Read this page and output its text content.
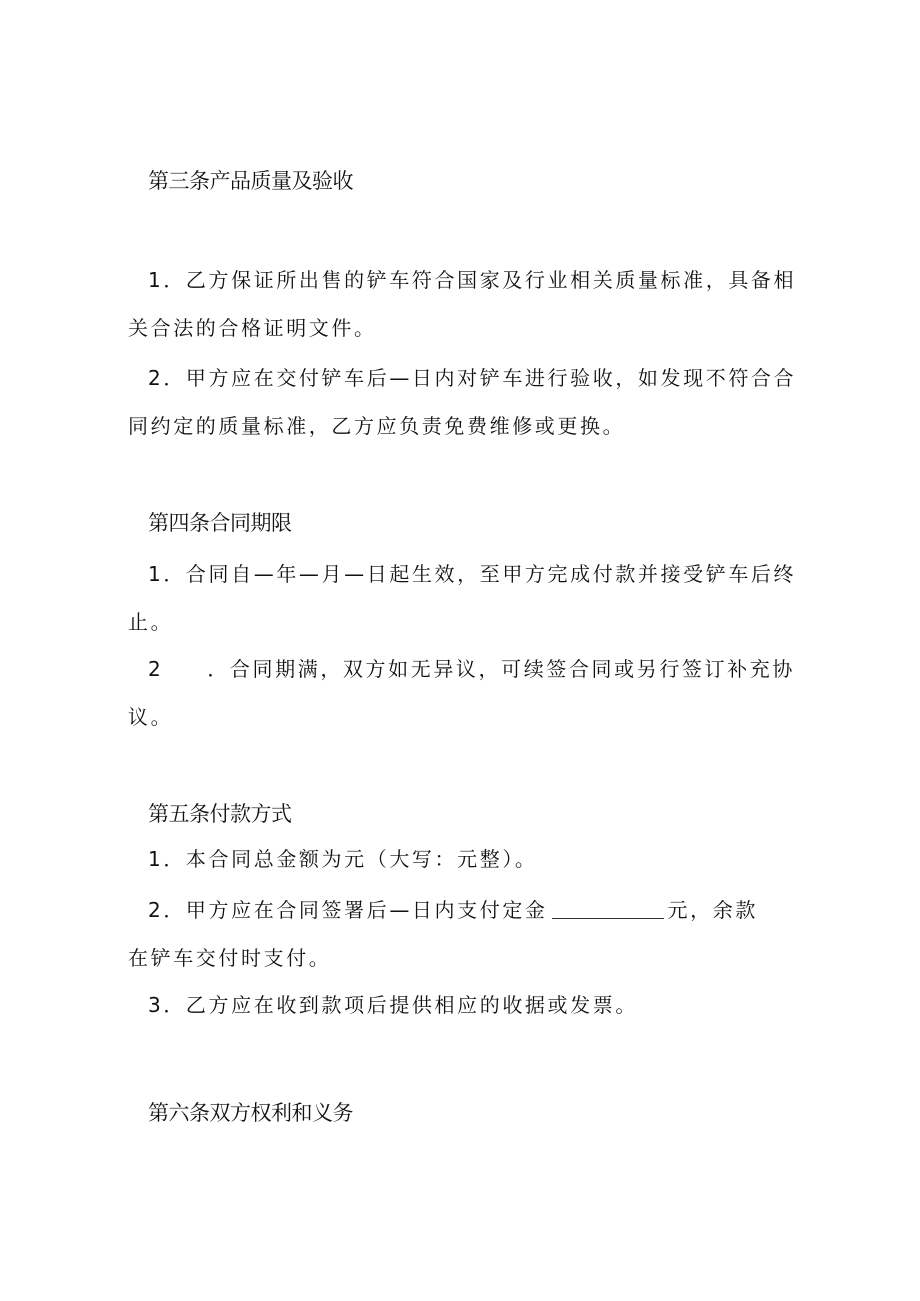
第三条产品质量及验收
1．乙方保证所出售的铲车符合国家及行业相关质量标准，具备相
关合法的合格证明文件。
2．甲方应在交付铲车后—日内对铲车进行验收，如发现不符合合
同约定的质量标准，乙方应负责免费维修或更换。
第四条合同期限
1．合同自—年—月—日起生效，至甲方完成付款并接受铲车后终
止。
2 ．合同期满，双方如无异议，可续签合同或另行签订补充协
议。
第五条付款方式
1．本合同总金额为元（大写：元整）。
2．甲方应在合同签署后—日内支付定金	元，余款
在铲车交付时支付。
3．乙方应在收到款项后提供相应的收据或发票。
第六条双方权利和义务
